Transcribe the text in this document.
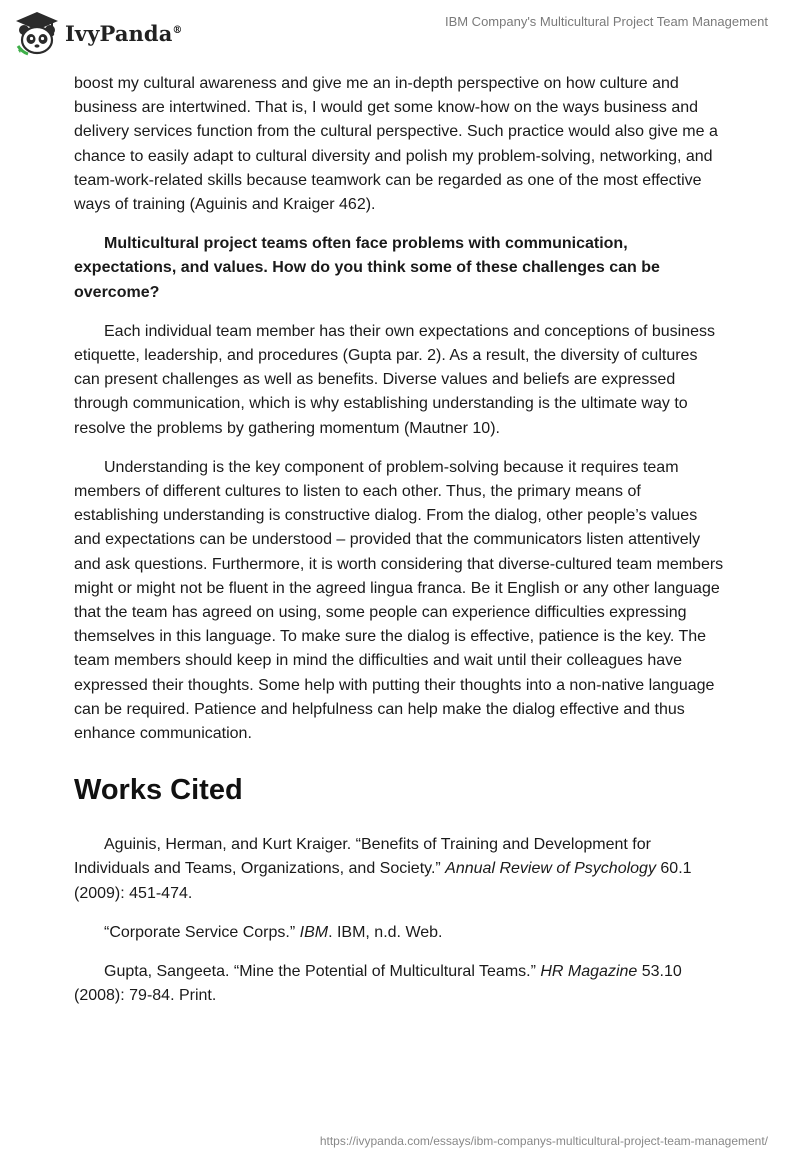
IvyPanda®
IBM Company's Multicultural Project Team Management

boost my cultural awareness and give me an in-depth perspective on how culture and business are intertwined. That is, I would get some know-how on the ways business and delivery services function from the cultural perspective. Such practice would also give me a chance to easily adapt to cultural diversity and polish my problem-solving, networking, and team-work-related skills because teamwork can be regarded as one of the most effective ways of training (Aguinis and Kraiger 462).

Multicultural project teams often face problems with communication, expectations, and values. How do you think some of these challenges can be overcome?

Each individual team member has their own expectations and conceptions of business etiquette, leadership, and procedures (Gupta par. 2). As a result, the diversity of cultures can present challenges as well as benefits. Diverse values and beliefs are expressed through communication, which is why establishing understanding is the ultimate way to resolve the problems by gathering momentum (Mautner 10).

Understanding is the key component of problem-solving because it requires team members of different cultures to listen to each other. Thus, the primary means of establishing understanding is constructive dialog. From the dialog, other people’s values and expectations can be understood – provided that the communicators listen attentively and ask questions. Furthermore, it is worth considering that diverse-cultured team members might or might not be fluent in the agreed lingua franca. Be it English or any other language that the team has agreed on using, some people can experience difficulties expressing themselves in this language. To make sure the dialog is effective, patience is the key. The team members should keep in mind the difficulties and wait until their colleagues have expressed their thoughts. Some help with putting their thoughts into a non-native language can be required. Patience and helpfulness can help make the dialog effective and thus enhance communication.

Works Cited

Aguinis, Herman, and Kurt Kraiger. “Benefits of Training and Development for Individuals and Teams, Organizations, and Society.” Annual Review of Psychology 60.1 (2009): 451-474.

“Corporate Service Corps.” IBM. IBM, n.d. Web.

Gupta, Sangeeta. “Mine the Potential of Multicultural Teams.” HR Magazine 53.10 (2008): 79-84. Print.

https://ivypanda.com/essays/ibm-companys-multicultural-project-team-management/
